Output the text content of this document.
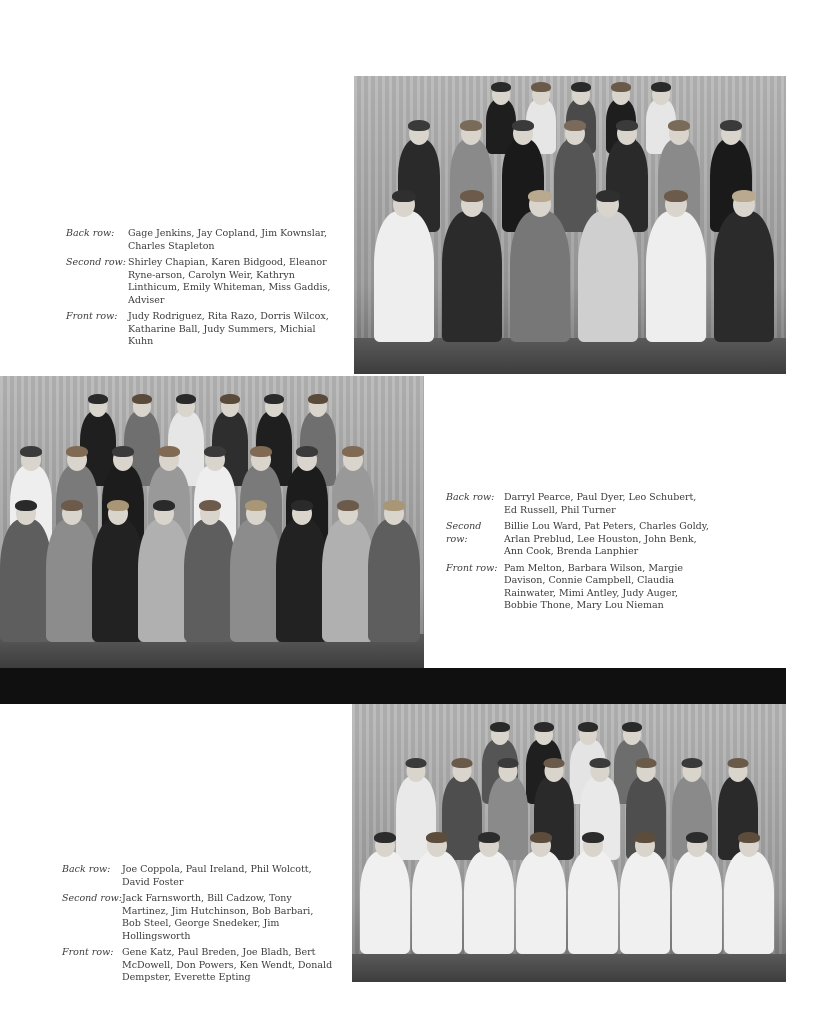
Back row:	Gage Jenkins, Jay Copland, Jim Kownslar, Charles Stapleton
Second row: Shirley Chapian, Karen Bidgood, Eleanor Ryne-arson, Carolyn Weir, Kathryn Linthicum, Emily Whiteman, Miss Gaddis, Adviser
Front row:	Judy Rodriguez, Rita Razo, Dorris Wilcox, Katharine Ball, Judy Summers, Michial Kuhn
Back row:	Darryl Pearce, Paul Dyer, Leo Schubert, Ed Russell, Phil Turner
Second row:
Billie Lou Ward, Pat Peters, Charles Goldy, Arlan Preblud, Lee Houston, John Benk, Ann Cook, Brenda Lanphier
Front row: Pam Melton, Barbara Wilson, Margie Davison, Connie Campbell, Claudia Rainwater, Mimi Antley, Judy Auger, Bobbie Thone, Mary Lou Nieman
Back row:	Joe Coppola, Paul Ireland, Phil Wolcott, David Foster
Second row: Jack Farnsworth, Bill Cadzow, Tony Martinez, Jim Hutchinson, Bob Barbari, Bob Steel, George Snedeker, Jim Hollingsworth
Front row: Gene Katz, Paul Breden, Joe Bladh, Bert McDowell, Don Powers, Ken Wendt, Donald Dempster, Everette Epting
